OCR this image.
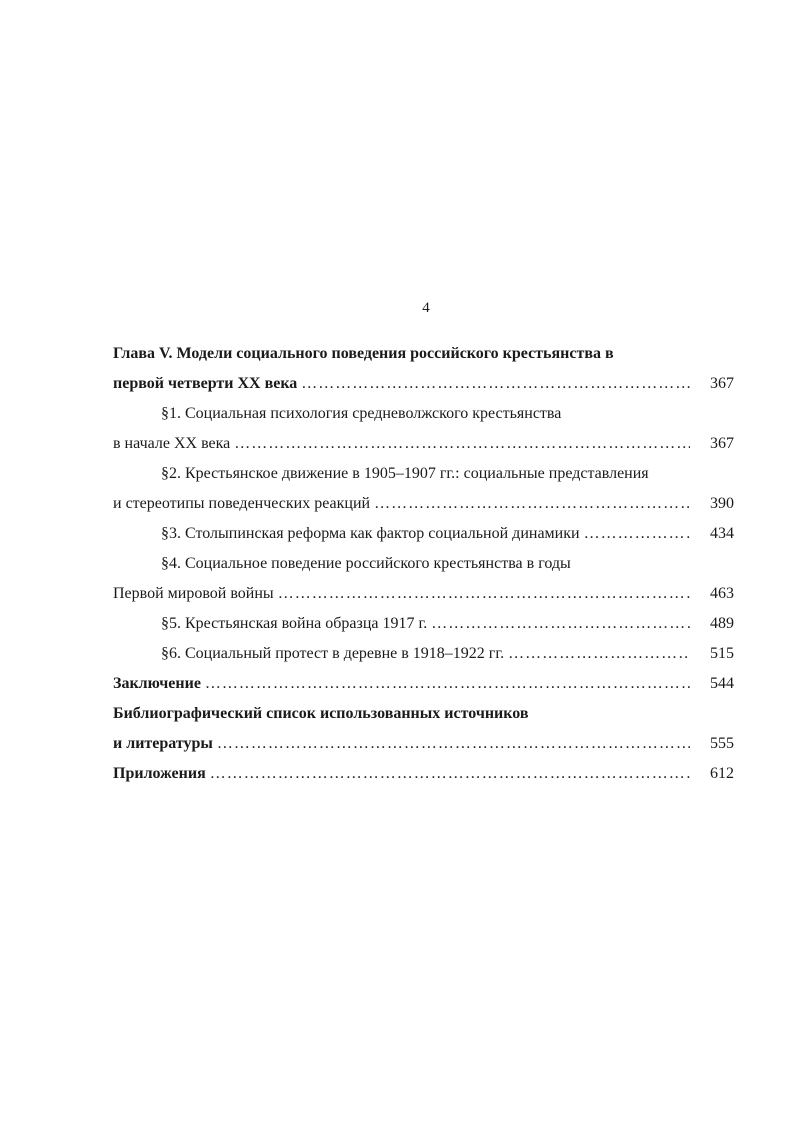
4
Глава V. Модели социального поведения российского крестьянства в
первой четверти ХХ века …………………………………………………………………………………………………………………………………………………………………………	367
§1. Социальная психология средневолжского крестьянства
в начале ХХ века …………………………………………………………………………………………………………………………………………………………………………	367
§2. Крестьянское движение в 1905–1907 гг.: социальные представления
и стереотипы поведенческих реакций …………………………………………………………………………………………………………………………………………………………………………	390
§3. Столыпинская реформа как фактор социальной динамики …………………………………………………………………………………………………………………………………………………………………………	434
§4. Социальное поведение российского крестьянства в годы
Первой мировой войны …………………………………………………………………………………………………………………………………………………………………………	463
§5. Крестьянская война образца 1917 г. …………………………………………………………………………………………………………………………………………………………………………	489
§6. Социальный протест в деревне в 1918–1922 гг. …………………………………………………………………………………………………………………………………………………………………………	515
Заключение …………………………………………………………………………………………………………………………………………………………………………	544
Библиографический список использованных источников
и литературы …………………………………………………………………………………………………………………………………………………………………………	555
Приложения …………………………………………………………………………………………………………………………………………………………………………	612
